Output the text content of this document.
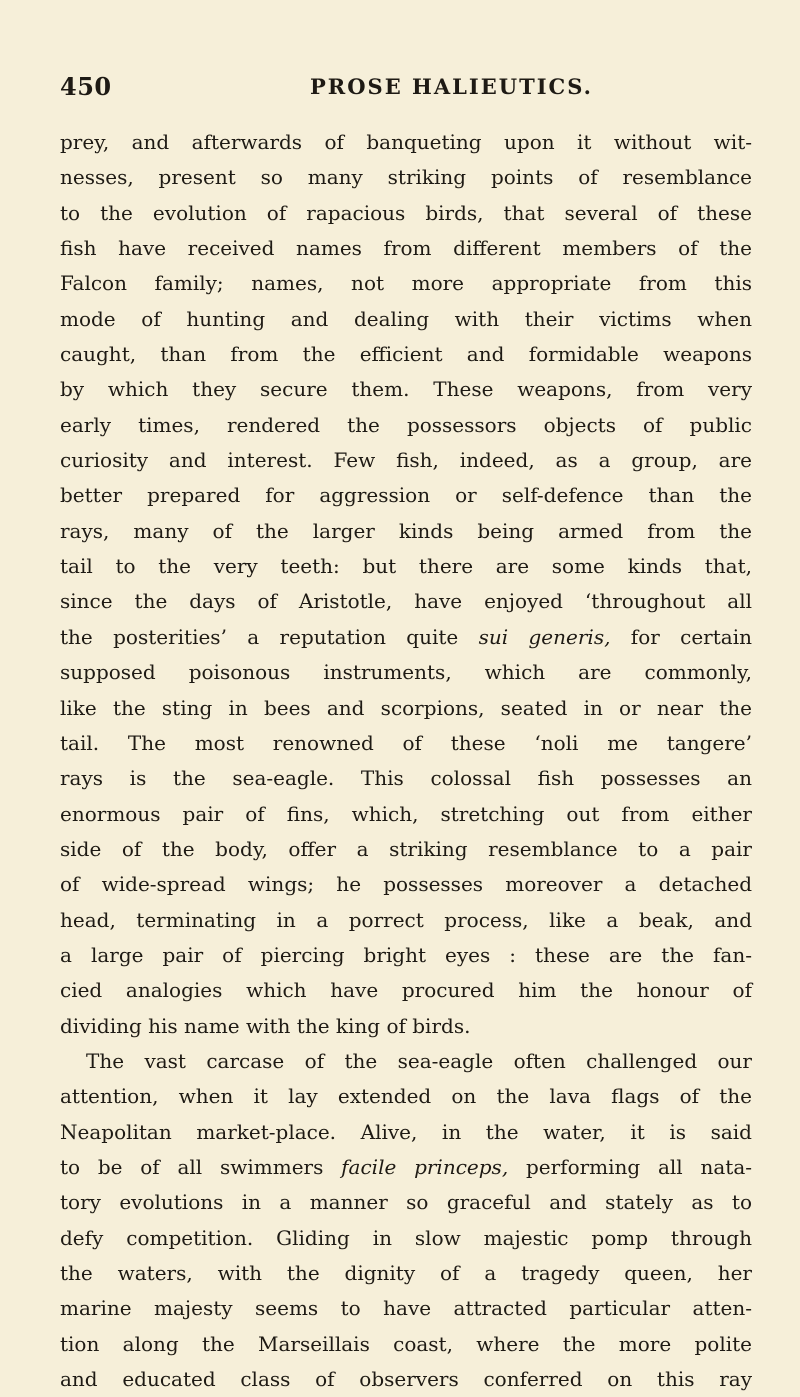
450	PROSE HALIEUTICS.

prey, and afterwards of banqueting upon it without wit-

nesses, present so many striking points of resemblance

to the evolution of rapacious birds, that several of these

fish have received names from different members of the

Falcon family; names, not more appropriate from this

mode of hunting and dealing with their victims when

caught, than from the efficient and formidable weapons

by which they secure them. These weapons, from very

early times, rendered the possessors objects of public

curiosity and interest. Few fish, indeed, as a group, are

better prepared for aggression or self-defence than the

rays, many of the larger kinds being armed from the

tail to the very teeth: but there are some kinds that,

since the days of Aristotle, have enjoyed ‘throughout all

the posterities’ a reputation quite sui generis, for certain

supposed poisonous instruments, which are commonly,

like the sting in bees and scorpions, seated in or near the

tail. The most renowned of these ‘noli me tangere’

rays is the sea-eagle. This colossal fish possesses an

enormous pair of fins, which, stretching out from either

side of the body, offer a striking resemblance to a pair

of wide-spread wings; he possesses moreover a detached

head, terminating in a porrect process, like a beak, and

a large pair of piercing bright eyes : these are the fan-

cied analogies which have procured him the honour of

dividing his name with the king of birds.

The vast carcase of the sea-eagle often challenged our

attention, when it lay extended on the lava flags of the

Neapolitan market-place. Alive, in the water, it is said

to be of all swimmers facile princeps, performing all nata-

tory evolutions in a manner so graceful and stately as to

defy competition. Gliding in slow majestic pomp through

the waters, with the dignity of a tragedy queen, her

marine majesty seems to have attracted particular atten-

tion along the Marseillais coast, where the more polite

and educated class of observers conferred on this ray
